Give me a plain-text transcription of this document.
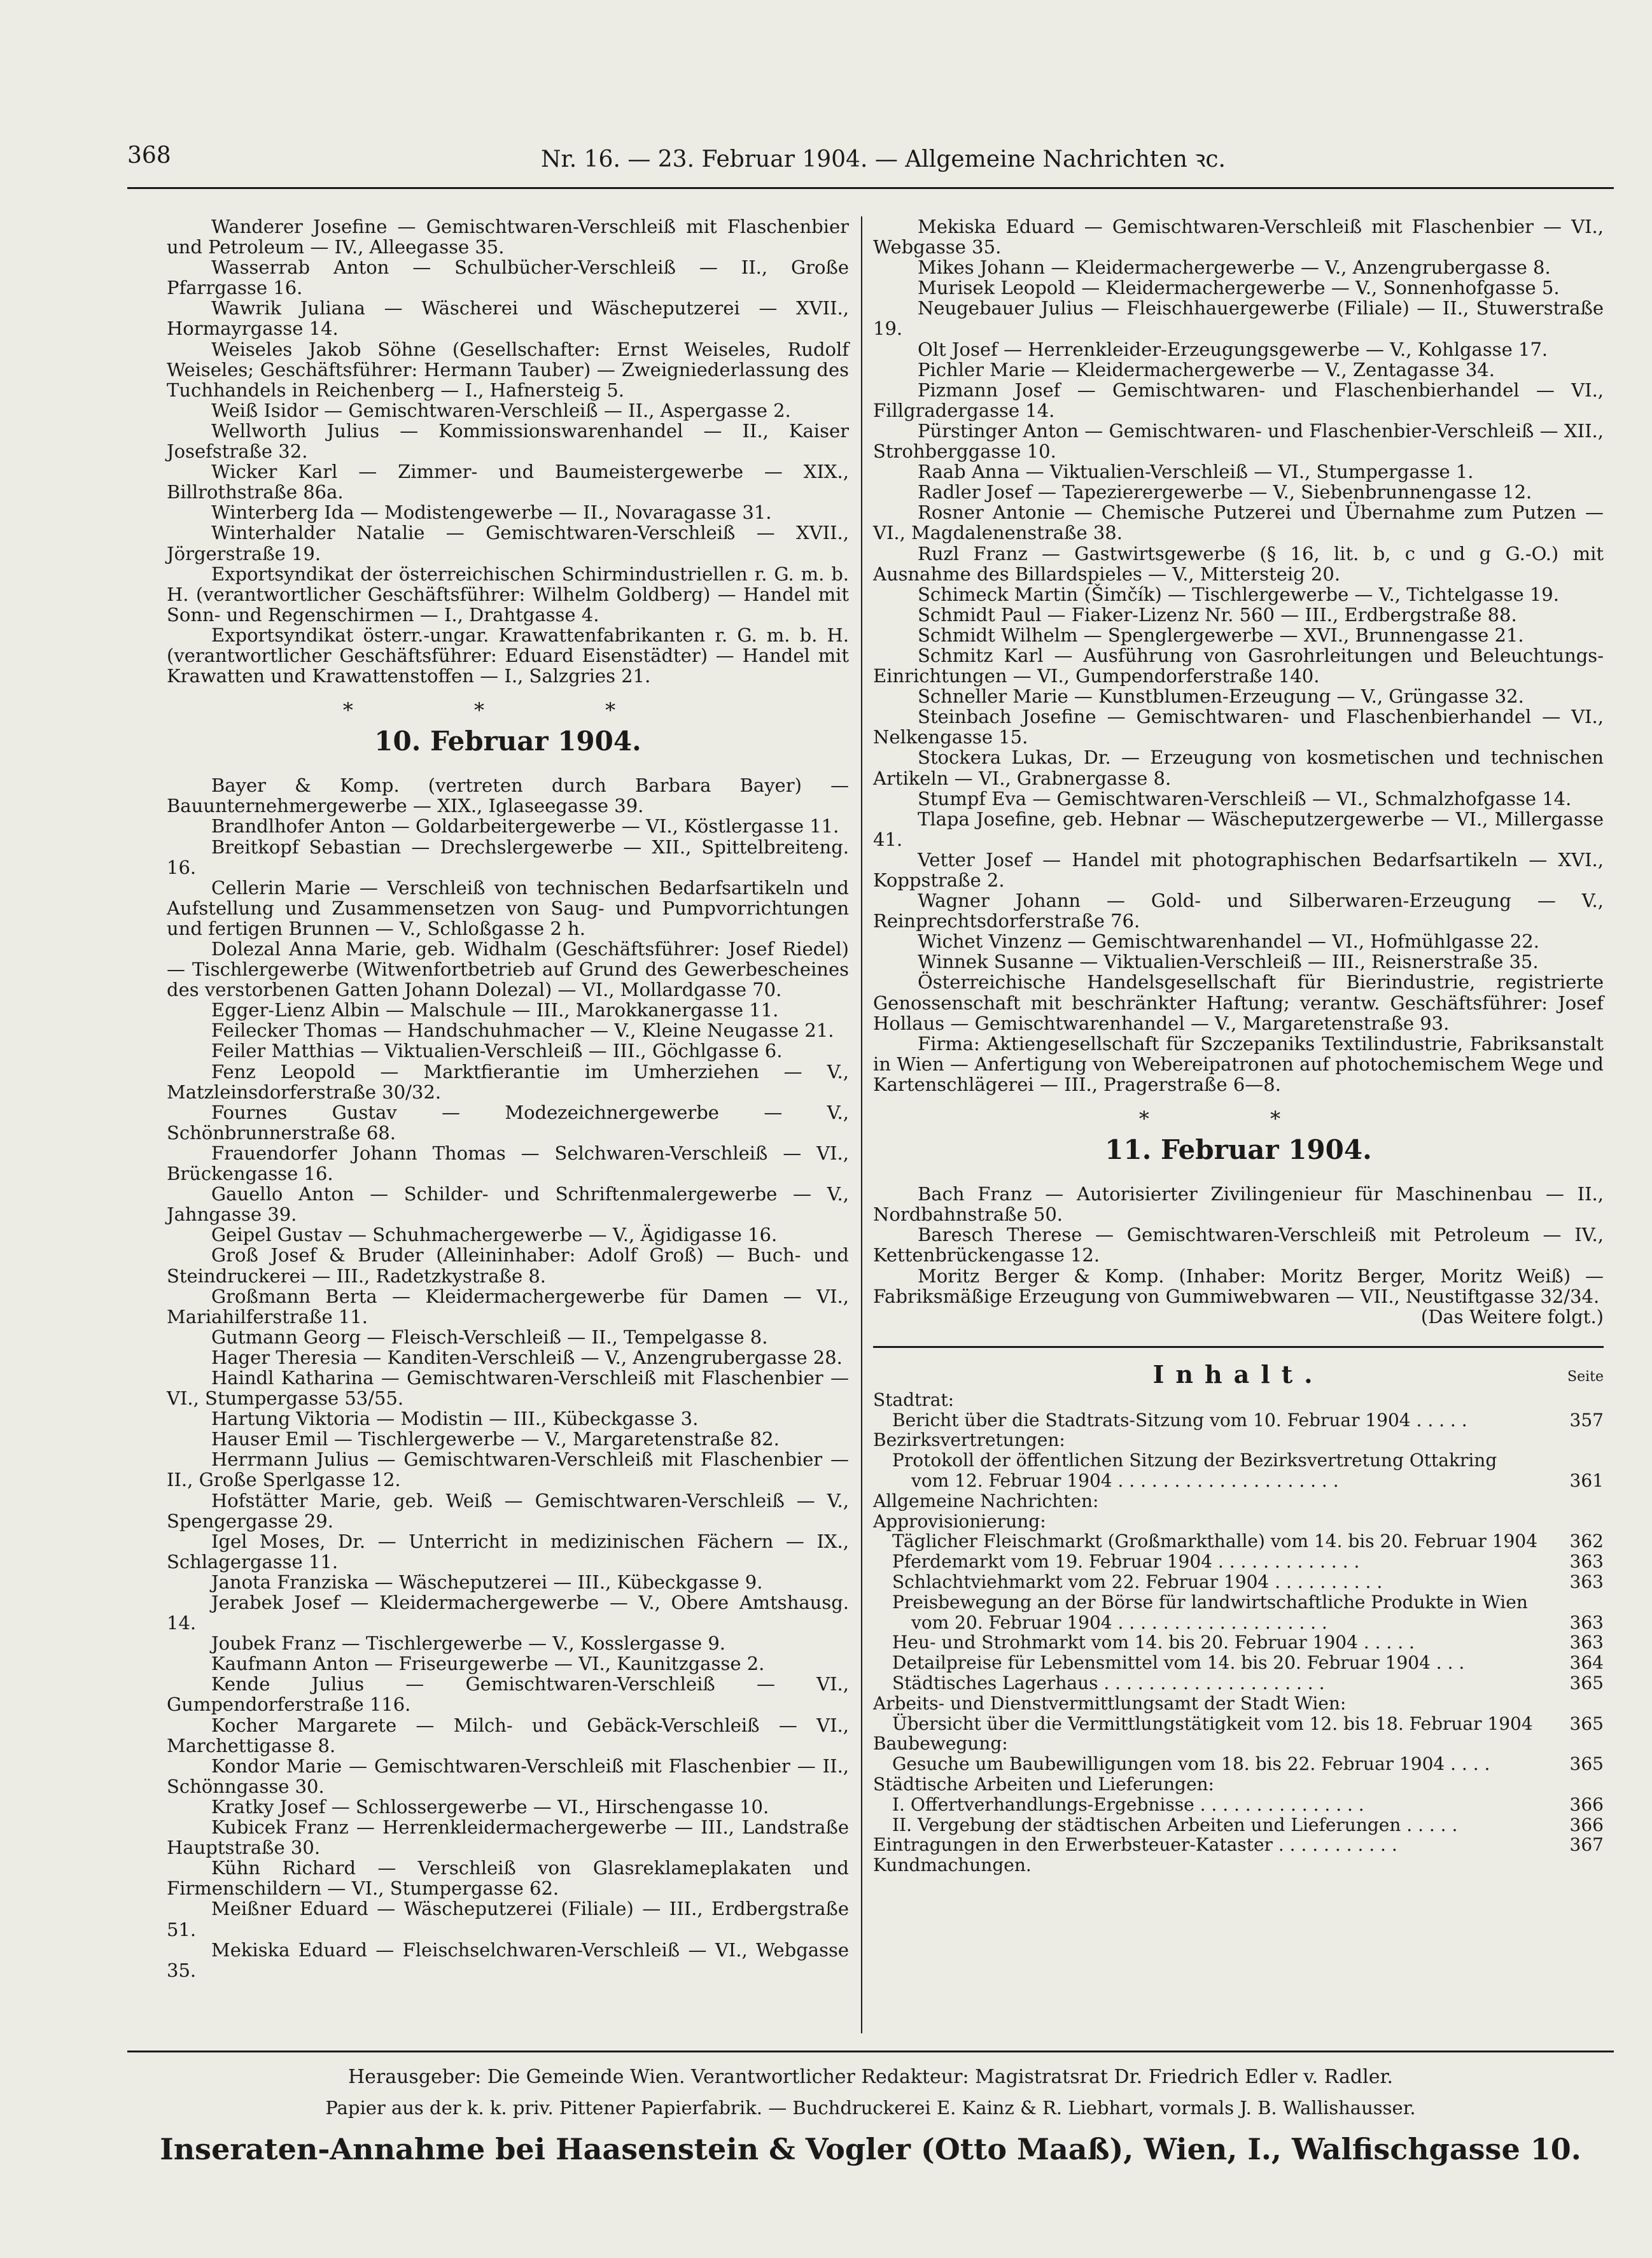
368	Nr. 16. — 23. Februar 1904. — Allgemeine Nachrichten ꝛc.

Wanderer Josefine — Gemischtwaren-Verschleiß mit Flaschenbier und Petroleum — IV., Alleegasse 35.

Wasserrab Anton — Schulbücher-Verschleiß — II., Große Pfarrgasse 16.

Wawrik Juliana — Wäscherei und Wäscheputzerei — XVII., Hormayrgasse 14.

Weiseles Jakob Söhne (Gesellschafter: Ernst Weiseles, Rudolf Weiseles; Geschäftsführer: Hermann Tauber) — Zweigniederlassung des Tuchhandels in Reichenberg — I., Hafnersteig 5.

Weiß Isidor — Gemischtwaren-Verschleiß — II., Aspergasse 2.

Wellworth Julius — Kommissionswarenhandel — II., Kaiser Josefstraße 32.

Wicker Karl — Zimmer- und Baumeistergewerbe — XIX., Billrothstraße 86a.

Winterberg Ida — Modistengewerbe — II., Novaragasse 31.

Winterhalder Natalie — Gemischtwaren-Verschleiß — XVII., Jörgerstraße 19.

Exportsyndikat der österreichischen Schirmindustriellen r. G. m. b. H. (verantwortlicher Geschäftsführer: Wilhelm Goldberg) — Handel mit Sonn- und Regenschirmen — I., Drahtgasse 4.

Exportsyndikat österr.-ungar. Krawattenfabrikanten r. G. m. b. H. (verantwortlicher Geschäftsführer: Eduard Eisenstädter) — Handel mit Krawatten und Krawattenstoffen — I., Salzgries 21.

* * *
10. Februar 1904.

Bayer & Komp. (vertreten durch Barbara Bayer) — Bauunternehmergewerbe — XIX., Iglaseegasse 39.

Brandlhofer Anton — Goldarbeitergewerbe — VI., Köstlergasse 11.

Breitkopf Sebastian — Drechslergewerbe — XII., Spittelbreiteng. 16.

Cellerin Marie — Verschleiß von technischen Bedarfsartikeln und Aufstellung und Zusammensetzen von Saug- und Pumpvorrichtungen und fertigen Brunnen — V., Schloßgasse 2 h.

Dolezal Anna Marie, geb. Widhalm (Geschäftsführer: Josef Riedel) — Tischlergewerbe (Witwenfortbetrieb auf Grund des Gewerbescheines des verstorbenen Gatten Johann Dolezal) — VI., Mollardgasse 70.

Egger-Lienz Albin — Malschule — III., Marokkanergasse 11.

Feilecker Thomas — Handschuhmacher — V., Kleine Neugasse 21.

Feiler Matthias — Viktualien-Verschleiß — III., Göchlgasse 6.

Fenz Leopold — Marktfierantie im Umherziehen — V., Matzleinsdorferstraße 30/32.

Fournes Gustav — Modezeichnergewerbe — V., Schönbrunnerstraße 68.

Frauendorfer Johann Thomas — Selchwaren-Verschleiß — VI., Brückengasse 16.

Gauello Anton — Schilder- und Schriftenmalergewerbe — V., Jahngasse 39.

Geipel Gustav — Schuhmachergewerbe — V., Ägidigasse 16.

Groß Josef & Bruder (Alleininhaber: Adolf Groß) — Buch- und Steindruckerei — III., Radetzkystraße 8.

Großmann Berta — Kleidermachergewerbe für Damen — VI., Mariahilferstraße 11.

Gutmann Georg — Fleisch-Verschleiß — II., Tempelgasse 8.

Hager Theresia — Kanditen-Verschleiß — V., Anzengrubergasse 28.

Haindl Katharina — Gemischtwaren-Verschleiß mit Flaschenbier — VI., Stumpergasse 53/55.

Hartung Viktoria — Modistin — III., Kübeckgasse 3.

Hauser Emil — Tischlergewerbe — V., Margaretenstraße 82.

Herrmann Julius — Gemischtwaren-Verschleiß mit Flaschenbier — II., Große Sperlgasse 12.

Hofstätter Marie, geb. Weiß — Gemischtwaren-Verschleiß — V., Spengergasse 29.

Igel Moses, Dr. — Unterricht in medizinischen Fächern — IX., Schlagergasse 11.

Janota Franziska — Wäscheputzerei — III., Kübeckgasse 9.

Jerabek Josef — Kleidermachergewerbe — V., Obere Amtshausg. 14.

Joubek Franz — Tischlergewerbe — V., Kosslergasse 9.

Kaufmann Anton — Friseurgewerbe — VI., Kaunitzgasse 2.

Kende Julius — Gemischtwaren-Verschleiß — VI., Gumpendorferstraße 116.

Kocher Margarete — Milch- und Gebäck-Verschleiß — VI., Marchettigasse 8.

Kondor Marie — Gemischtwaren-Verschleiß mit Flaschenbier — II., Schönngasse 30.

Kratky Josef — Schlossergewerbe — VI., Hirschengasse 10.

Kubicek Franz — Herrenkleidermachergewerbe — III., Landstraße Hauptstraße 30.

Kühn Richard — Verschleiß von Glasreklameplakaten und Firmenschildern — VI., Stumpergasse 62.

Meißner Eduard — Wäscheputzerei (Filiale) — III., Erdbergstraße 51.

Mekiska Eduard — Fleischselchwaren-Verschleiß — VI., Webgasse 35.

Mekiska Eduard — Gemischtwaren-Verschleiß mit Flaschenbier — VI., Webgasse 35.

Mikes Johann — Kleidermachergewerbe — V., Anzengrubergasse 8.

Murisek Leopold — Kleidermachergewerbe — V., Sonnenhofgasse 5.

Neugebauer Julius — Fleischhauergewerbe (Filiale) — II., Stuwerstraße 19.

Olt Josef — Herrenkleider-Erzeugungsgewerbe — V., Kohlgasse 17.

Pichler Marie — Kleidermachergewerbe — V., Zentagasse 34.

Pizmann Josef — Gemischtwaren- und Flaschenbierhandel — VI., Fillgradergasse 14.

Pürstinger Anton — Gemischtwaren- und Flaschenbier-Verschleiß — XII., Strohberggasse 10.

Raab Anna — Viktualien-Verschleiß — VI., Stumpergasse 1.

Radler Josef — Tapezierergewerbe — V., Siebenbrunnengasse 12.

Rosner Antonie — Chemische Putzerei und Übernahme zum Putzen — VI., Magdalenenstraße 38.

Ruzl Franz — Gastwirtsgewerbe (§ 16, lit. b, c und g G.-O.) mit Ausnahme des Billardspieles — V., Mittersteig 20.

Schimeck Martin (Šimčík) — Tischlergewerbe — V., Tichtelgasse 19.

Schmidt Paul — Fiaker-Lizenz Nr. 560 — III., Erdbergstraße 88.

Schmidt Wilhelm — Spenglergewerbe — XVI., Brunnengasse 21.

Schmitz Karl — Ausführung von Gasrohrleitungen und Beleuchtungs-Einrichtungen — VI., Gumpendorferstraße 140.

Schneller Marie — Kunstblumen-Erzeugung — V., Grüngasse 32.

Steinbach Josefine — Gemischtwaren- und Flaschenbierhandel — VI., Nelkengasse 15.

Stockera Lukas, Dr. — Erzeugung von kosmetischen und technischen Artikeln — VI., Grabnergasse 8.

Stumpf Eva — Gemischtwaren-Verschleiß — VI., Schmalzhofgasse 14.

Tlapa Josefine, geb. Hebnar — Wäscheputzergewerbe — VI., Millergasse 41.

Vetter Josef — Handel mit photographischen Bedarfsartikeln — XVI., Koppstraße 2.

Wagner Johann — Gold- und Silberwaren-Erzeugung — V., Reinprechtsdorferstraße 76.

Wichet Vinzenz — Gemischtwarenhandel — VI., Hofmühlgasse 22.

Winnek Susanne — Viktualien-Verschleiß — III., Reisnerstraße 35.

Österreichische Handelsgesellschaft für Bierindustrie, registrierte Genossenschaft mit beschränkter Haftung; verantw. Geschäftsführer: Josef Hollaus — Gemischtwarenhandel — V., Margaretenstraße 93.

Firma: Aktiengesellschaft für Szczepaniks Textilindustrie, Fabriksanstalt in Wien — Anfertigung von Webereipatronen auf photochemischem Wege und Kartenschlägerei — III., Pragerstraße 6—8.

* *
11. Februar 1904.

Bach Franz — Autorisierter Zivilingenieur für Maschinenbau — II., Nordbahnstraße 50.

Baresch Therese — Gemischtwaren-Verschleiß mit Petroleum — IV., Kettenbrückengasse 12.

Moritz Berger & Komp. (Inhaber: Moritz Berger, Moritz Weiß) — Fabriksmäßige Erzeugung von Gummiwebwaren — VII., Neustiftgasse 32/34.

(Das Weitere folgt.)

Inhalt.	Seite
Stadtrat:
Bericht über die Stadtrats-Sitzung vom 10. Februar 1904 . . . . .	357
Bezirksvertretungen:
Protokoll der öffentlichen Sitzung der Bezirksvertretung Ottakring
vom 12. Februar 1904 . . . . . . . . . . . . . . . . . . . .	361
Allgemeine Nachrichten:
Approvisionierung:
Täglicher Fleischmarkt (Großmarkthalle) vom 14. bis 20. Februar 1904	362
Pferdemarkt vom 19. Februar 1904 . . . . . . . . . . . . .	363
Schlachtviehmarkt vom 22. Februar 1904 . . . . . . . . . .	363
Preisbewegung an der Börse für landwirtschaftliche Produkte in Wien
vom 20. Februar 1904 . . . . . . . . . . . . . . . . . . .	363
Heu- und Strohmarkt vom 14. bis 20. Februar 1904 . . . . .	363
Detailpreise für Lebensmittel vom 14. bis 20. Februar 1904 . . .	364
Städtisches Lagerhaus . . . . . . . . . . . . . . . . . . . .	365
Arbeits- und Dienstvermittlungsamt der Stadt Wien:
Übersicht über die Vermittlungstätigkeit vom 12. bis 18. Februar 1904	365
Baubewegung:
Gesuche um Baubewilligungen vom 18. bis 22. Februar 1904 . . . .	365
Städtische Arbeiten und Lieferungen:
I. Offertverhandlungs-Ergebnisse . . . . . . . . . . . . . . .	366
II. Vergebung der städtischen Arbeiten und Lieferungen . . . . .	366
Eintragungen in den Erwerbsteuer-Kataster . . . . . . . . . . .	367
Kundmachungen.
Herausgeber: Die Gemeinde Wien. Verantwortlicher Redakteur: Magistratsrat Dr. Friedrich Edler v. Radler.
Papier aus der k. k. priv. Pittener Papierfabrik. — Buchdruckerei E. Kainz & R. Liebhart, vormals J. B. Wallishausser.
Inseraten-Annahme bei Haasenstein & Vogler (Otto Maaß), Wien, I., Walfischgasse 10.
